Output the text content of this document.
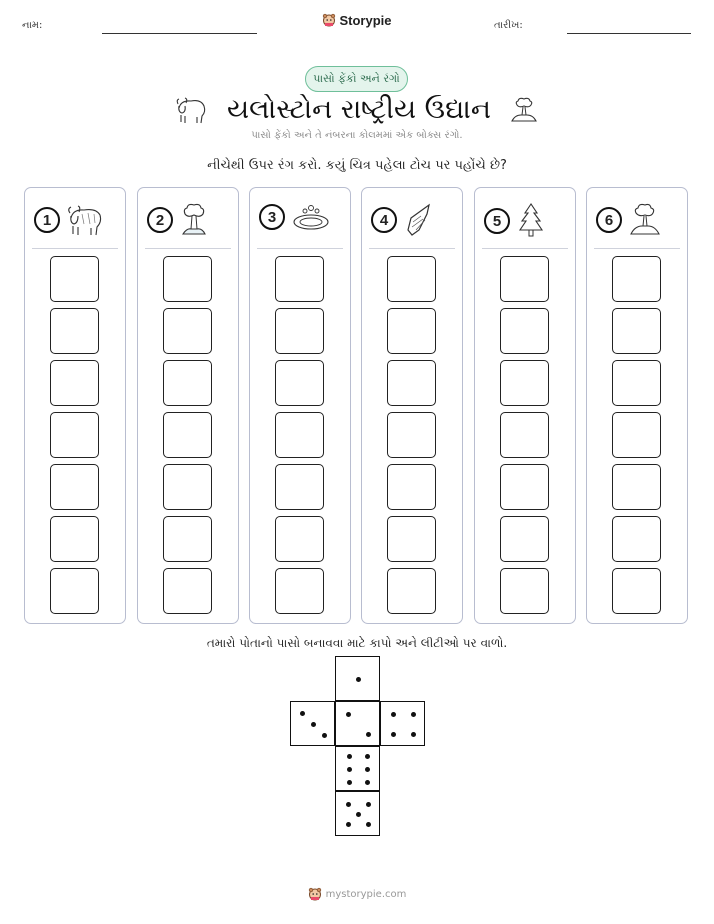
નામ:	તારીખ:
Storypie
પાસો ફેંકો અને રંગો
યલોસ્ટોન રાષ્ટ્રીય ઉદ્યાન
પાસો ફેંકો અને તે નંબરના કોલમમાં એક બોક્સ રંગો.
નીચેથી ઉપર રંગ કરો. કયું ચિત્ર પહેલા ટોચ પર પહોંચે છે?
1	2	3	4	5	6
તમારો પોતાનો પાસો બનાવવા માટે કાપો અને લીટીઓ પર વાળો.
mystorypie.com
